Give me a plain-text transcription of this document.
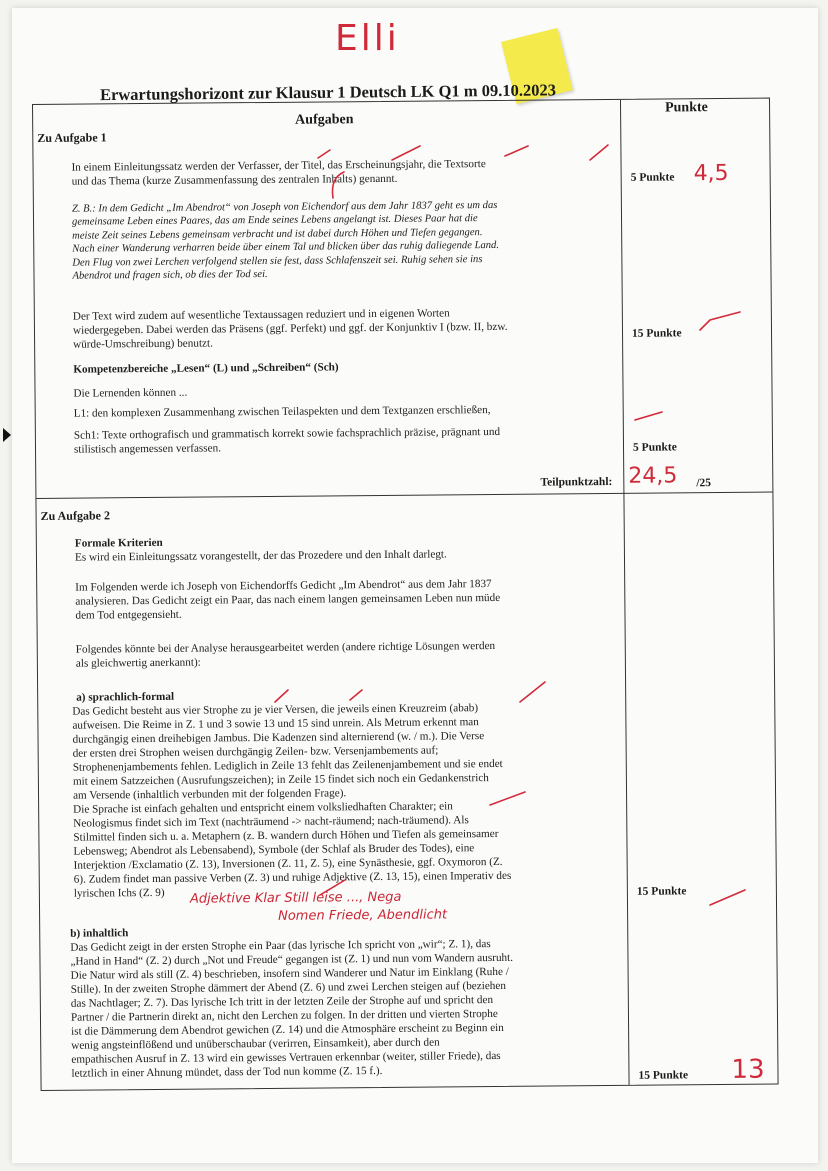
Elli
Erwartungshorizont zur Klausur 1 Deutsch LK Q1 m 09.10.2023
Aufgaben
Punkte
Zu Aufgabe 1
In einem Einleitungssatz werden der Verfasser, der Titel, das Erscheinungsjahr, die Textsorte
und das Thema (kurze Zusammenfassung des zentralen Inhalts) genannt.
Z. B.: In dem Gedicht „Im Abendrot“ von Joseph von Eichendorf aus dem Jahr 1837 geht es um das
gemeinsame Leben eines Paares, das am Ende seines Lebens angelangt ist. Dieses Paar hat die
meiste Zeit seines Lebens gemeinsam verbracht und ist dabei durch Höhen und Tiefen gegangen.
Nach einer Wanderung verharren beide über einem Tal und blicken über das ruhig daliegende Land.
Den Flug von zwei Lerchen verfolgend stellen sie fest, dass Schlafenszeit sei. Ruhig sehen sie ins
Abendrot und fragen sich, ob dies der Tod sei.
Der Text wird zudem auf wesentliche Textaussagen reduziert und in eigenen Worten
wiedergegeben. Dabei werden das Präsens (ggf. Perfekt) und ggf. der Konjunktiv I (bzw. II, bzw.
würde-Umschreibung) benutzt.
Kompetenzbereiche „Lesen“ (L) und „Schreiben“ (Sch)
Die Lernenden können ...
L1: den komplexen Zusammenhang zwischen Teilaspekten und dem Textganzen erschließen,
Sch1: Texte orthografisch und grammatisch korrekt sowie fachsprachlich präzise, prägnant und
stilistisch angemessen verfassen.
5 Punkte
15 Punkte
5 Punkte
4,5
Teilpunktzahl: 24,5 /25
Zu Aufgabe 2
Formale Kriterien
Es wird ein Einleitungssatz vorangestellt, der das Prozedere und den Inhalt darlegt.
Im Folgenden werde ich Joseph von Eichendorffs Gedicht „Im Abendrot“ aus dem Jahr 1837
analysieren. Das Gedicht zeigt ein Paar, das nach einem langen gemeinsamen Leben nun müde
dem Tod entgegensieht.
Folgendes könnte bei der Analyse herausgearbeitet werden (andere richtige Lösungen werden
als gleichwertig anerkannt):
a) sprachlich-formal
Das Gedicht besteht aus vier Strophe zu je vier Versen, die jeweils einen Kreuzreim (abab)
aufweisen. Die Reime in Z. 1 und 3 sowie 13 und 15 sind unrein. Als Metrum erkennt man
durchgängig einen dreihebigen Jambus. Die Kadenzen sind alternierend (w. / m.). Die Verse
der ersten drei Strophen weisen durchgängig Zeilen- bzw. Versenjambements auf;
Strophenenjambements fehlen. Lediglich in Zeile 13 fehlt das Zeilenenjambement und sie endet
mit einem Satzzeichen (Ausrufungszeichen); in Zeile 15 findet sich noch ein Gedankenstrich
am Versende (inhaltlich verbunden mit der folgenden Frage).
Die Sprache ist einfach gehalten und entspricht einem volksliedhaften Charakter; ein
Neologismus findet sich im Text (nachträumend -> nacht-räumend; nach-träumend). Als
Stilmittel finden sich u. a. Metaphern (z. B. wandern durch Höhen und Tiefen als gemeinsamer
Lebensweg; Abendrot als Lebensabend), Symbole (der Schlaf als Bruder des Todes), eine
Interjektion /Exclamatio (Z. 13), Inversionen (Z. 11, Z. 5), eine Synästhesie, ggf. Oxymoron (Z.
6). Zudem findet man passive Verben (Z. 3) und ruhige Adjektive (Z. 13, 15), einen Imperativ des
lyrischen Ichs (Z. 9)	15 Punkte
Adjektive Klar Still leise ..., Nega
Nomen Friede, Abendlicht
b) inhaltlich
Das Gedicht zeigt in der ersten Strophe ein Paar (das lyrische Ich spricht von „wir“; Z. 1), das
„Hand in Hand“ (Z. 2) durch „Not und Freude“ gegangen ist (Z. 1) und nun vom Wandern ausruht.
Die Natur wird als still (Z. 4) beschrieben, insofern sind Wanderer und Natur im Einklang (Ruhe /
Stille). In der zweiten Strophe dämmert der Abend (Z. 6) und zwei Lerchen steigen auf (beziehen
das Nachtlager; Z. 7). Das lyrische Ich tritt in der letzten Zeile der Strophe auf und spricht den
Partner / die Partnerin direkt an, nicht den Lerchen zu folgen. In der dritten und vierten Strophe
ist die Dämmerung dem Abendrot gewichen (Z. 14) und die Atmosphäre erscheint zu Beginn ein
wenig angsteinflößend und unüberschaubar (verirren, Einsamkeit), aber durch den
empathischen Ausruf in Z. 13 wird ein gewisses Vertrauen erkennbar (weiter, stiller Friede), das
letztlich in einer Ahnung mündet, dass der Tod nun komme (Z. 15 f.).	15 Punkte 13
